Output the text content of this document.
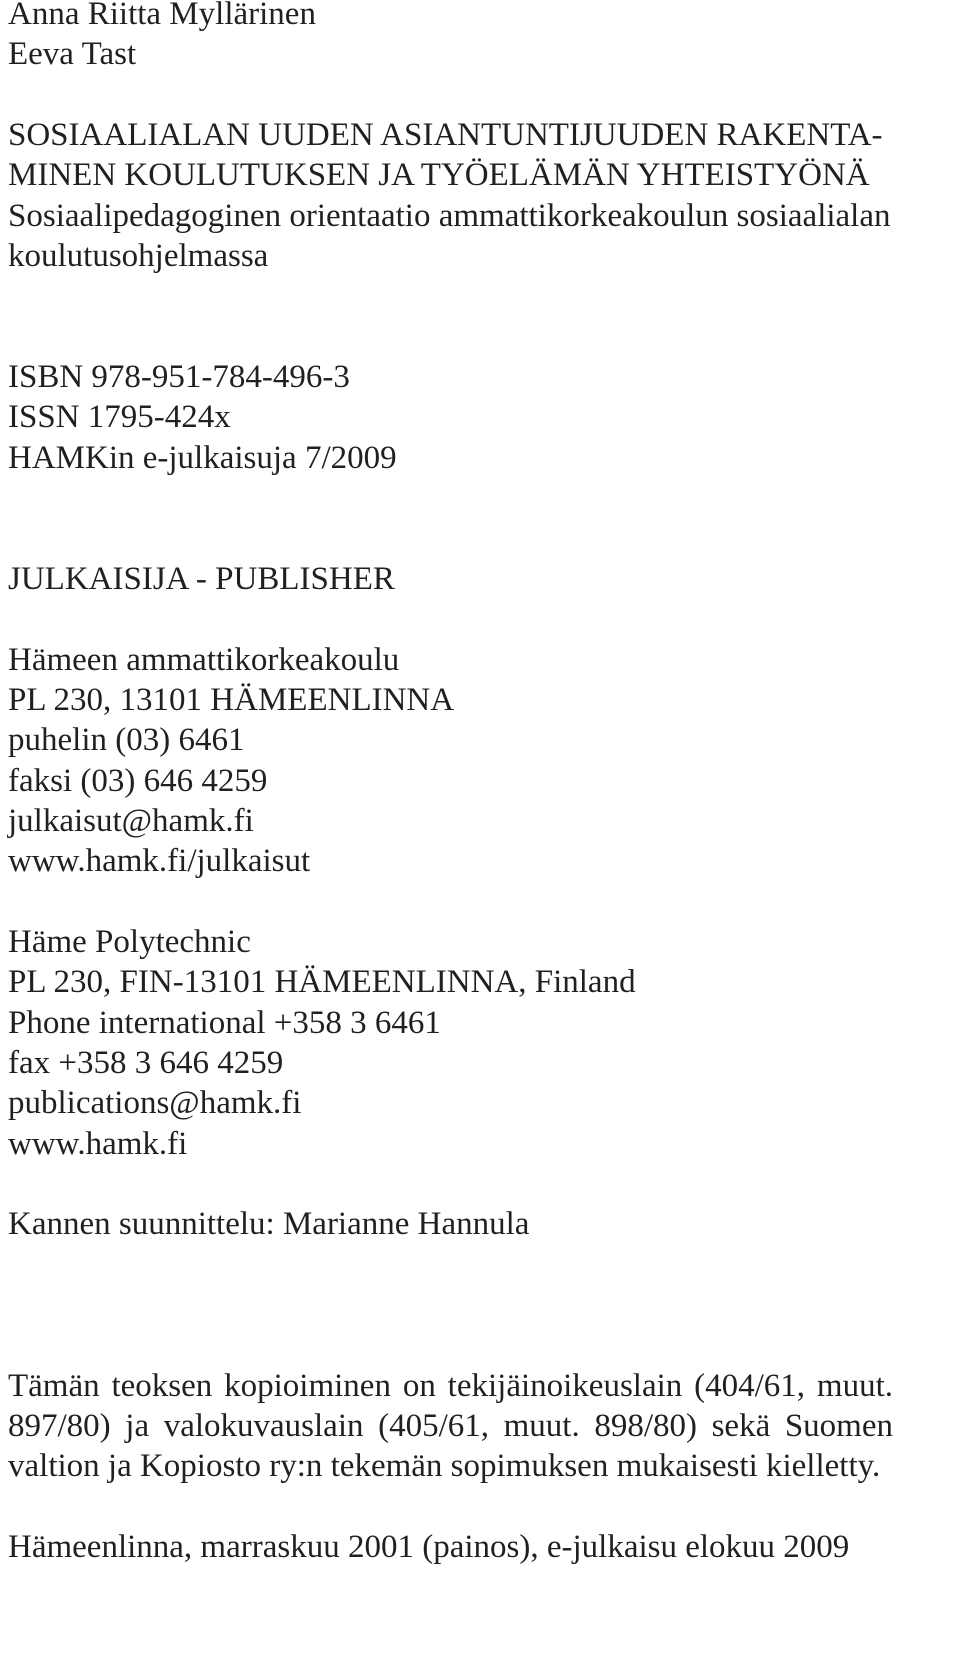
Anna Riitta Myllärinen
Eeva Tast
SOSIAALIALAN UUDEN ASIANTUNTIJUUDEN RAKENTA-
MINEN KOULUTUKSEN JA TYÖELÄMÄN YHTEISTYÖNÄ
Sosiaalipedagoginen orientaatio ammattikorkeakoulun sosiaalialan
koulutusohjelmassa
ISBN 978-951-784-496-3
ISSN 1795-424x
HAMKin e-julkaisuja 7/2009
JULKAISIJA - PUBLISHER
Hämeen ammattikorkeakoulu
PL 230, 13101 HÄMEENLINNA
puhelin (03) 6461
faksi (03) 646 4259
julkaisut@hamk.fi
www.hamk.fi/julkaisut
Häme Polytechnic
PL 230, FIN-13101 HÄMEENLINNA, Finland
Phone international +358 3 6461
fax +358 3 646 4259
publications@hamk.fi
www.hamk.fi
Kannen suunnittelu: Marianne Hannula
Tämän teoksen kopioiminen on tekijäinoikeuslain (404/61, muut.
897/80) ja valokuvauslain (405/61, muut. 898/80) sekä Suomen
valtion ja Kopiosto ry:n tekemän sopimuksen mukaisesti kielletty.
Hämeenlinna, marraskuu 2001 (painos), e-julkaisu elokuu 2009
